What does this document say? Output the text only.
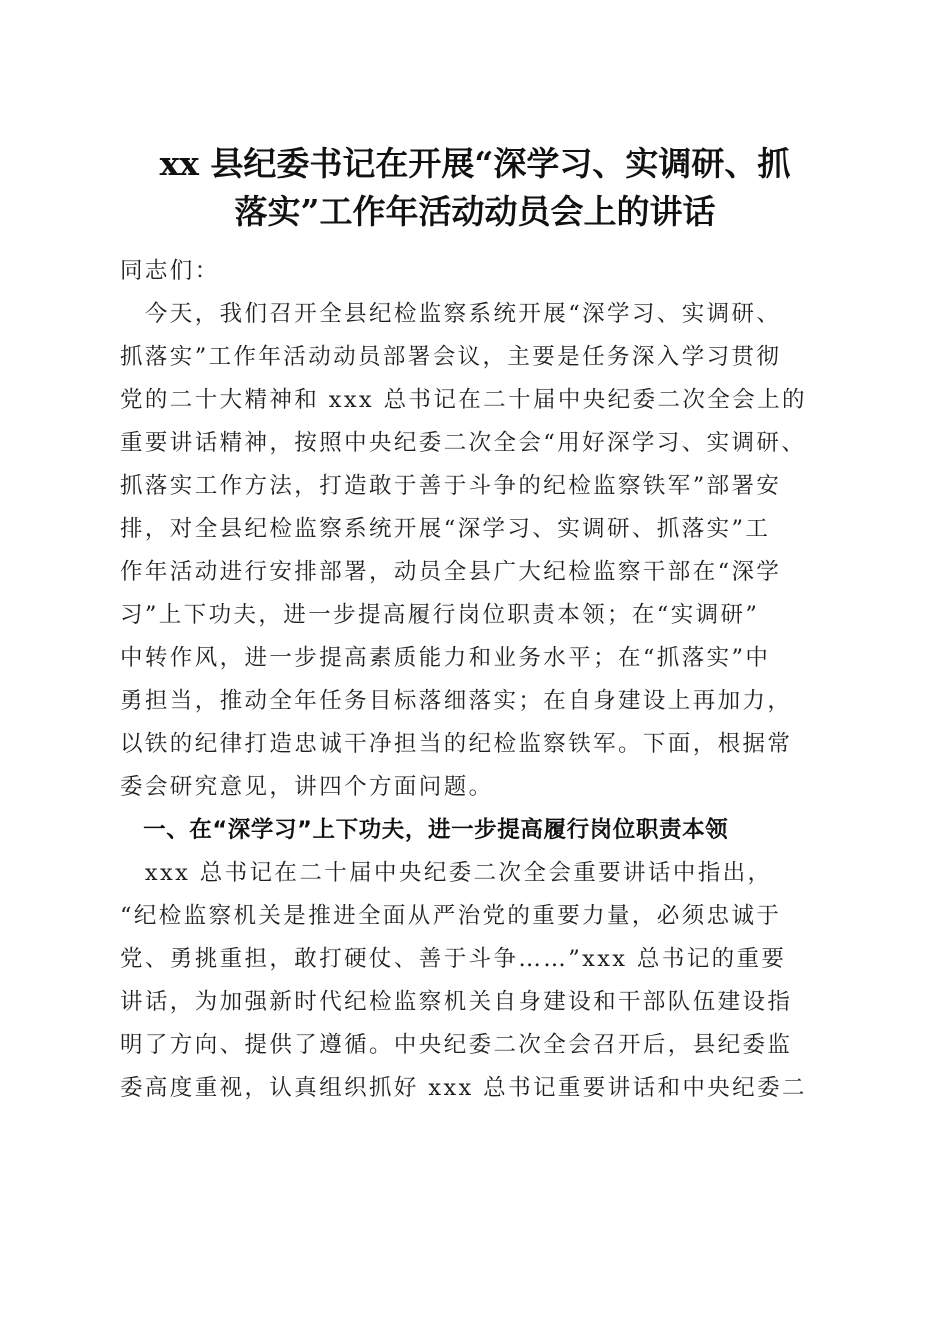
xx 县纪委书记在开展“深学习、实调研、抓
落实”工作年活动动员会上的讲话
同志们：
　今天，我们召开全县纪检监察系统开展“深学习、实调研、
抓落实”工作年活动动员部署会议，主要是任务深入学习贯彻
党的二十大精神和 xxx 总书记在二十届中央纪委二次全会上的
重要讲话精神，按照中央纪委二次全会“用好深学习、实调研、
抓落实工作方法，打造敢于善于斗争的纪检监察铁军”部署安
排，对全县纪检监察系统开展“深学习、实调研、抓落实”工
作年活动进行安排部署，动员全县广大纪检监察干部在“深学
习”上下功夫，进一步提高履行岗位职责本领；在“实调研”
中转作风，进一步提高素质能力和业务水平；在“抓落实”中
勇担当，推动全年任务目标落细落实；在自身建设上再加力，
以铁的纪律打造忠诚干净担当的纪检监察铁军。下面，根据常
委会研究意见，讲四个方面问题。
　一、在“深学习”上下功夫，进一步提高履行岗位职责本领
　xxx 总书记在二十届中央纪委二次全会重要讲话中指出，
“纪检监察机关是推进全面从严治党的重要力量，必须忠诚于
党、勇挑重担，敢打硬仗、善于斗争……”xxx 总书记的重要
讲话，为加强新时代纪检监察机关自身建设和干部队伍建设指
明了方向、提供了遵循。中央纪委二次全会召开后，县纪委监
委高度重视，认真组织抓好 xxx 总书记重要讲话和中央纪委二
